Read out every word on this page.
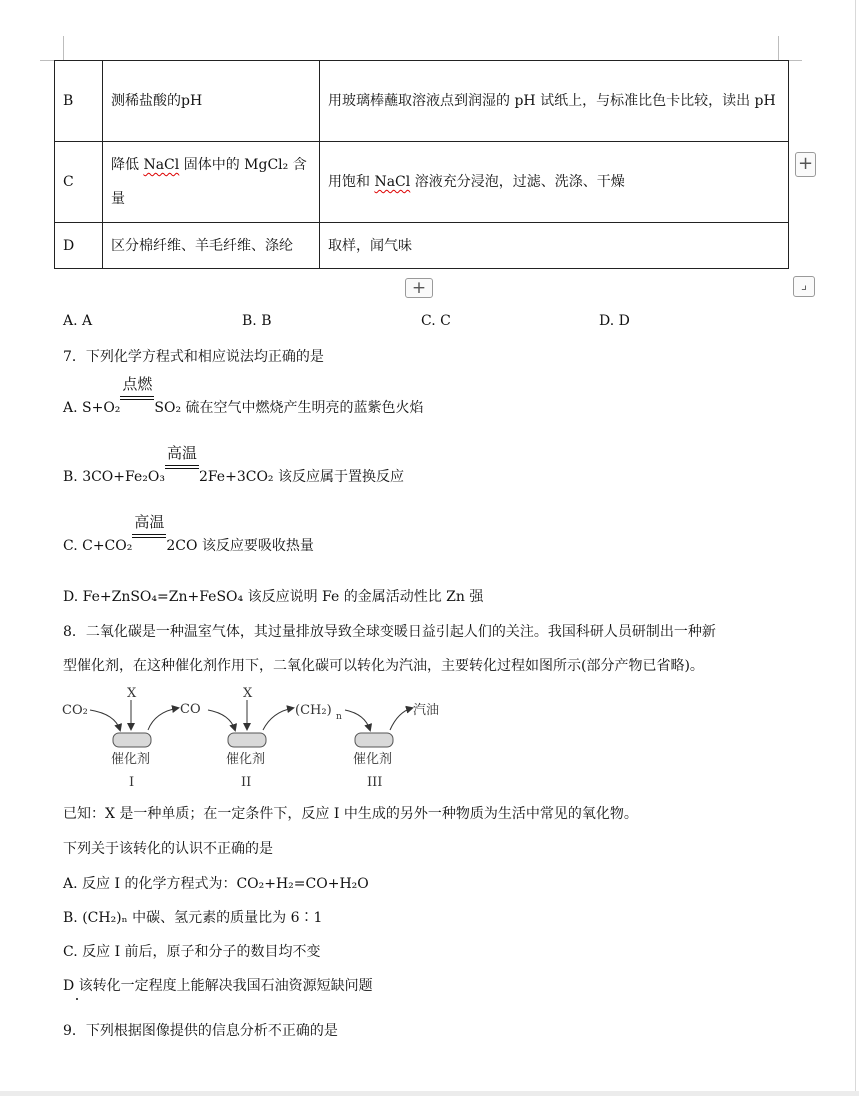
B	测稀盐酸的pH	用玻璃棒蘸取溶液点到润湿的 pH 试纸上，与标准比色卡比较，读出 pH
C	降低 NaCl 固体中的 MgCl₂ 含量	用饱和 NaCl 溶液充分浸泡，过滤、洗涤、干燥
D	区分棉纤维、羊毛纤维、涤纶	取样，闻气味
+
+	⌟
A. A	B. B	C. C	D. D
7．下列化学方程式和相应说法均正确的是
A. S+O₂
点燃
SO₂ 硫在空气中燃烧产生明亮的蓝紫色火焰
B. 3CO+Fe₂O₃
高温
2Fe+3CO₂ 该反应属于置换反应
C. C+CO₂
高温
2CO 该反应要吸收热量
D. Fe+ZnSO₄=Zn+FeSO₄ 该反应说明 Fe 的金属活动性比 Zn 强
8．二氧化碳是一种温室气体，其过量排放导致全球变暖日益引起人们的关注。我国科研人员研制出一种新
型催化剂，在这种催化剂作用下，二氧化碳可以转化为汽油，主要转化过程如图所示(部分产物已省略)。
CO₂
X
CO
X
(CH₂) n	汽油
催化剂	催化剂	催化剂
I	II	III
已知：X 是一种单质；在一定条件下，反应 I 中生成的另外一种物质为生活中常见的氧化物。
下列关于该转化的认识不正确的是
A. 反应 I 的化学方程式为：CO₂+H₂=CO+H₂O
B. (CH₂)ₙ 中碳、氢元素的质量比为 6∶1
C. 反应 I 前后，原子和分子的数目均不变
D 该转化一定程度上能解决我国石油资源短缺问题
9．下列根据图像提供的信息分析不正确的是
